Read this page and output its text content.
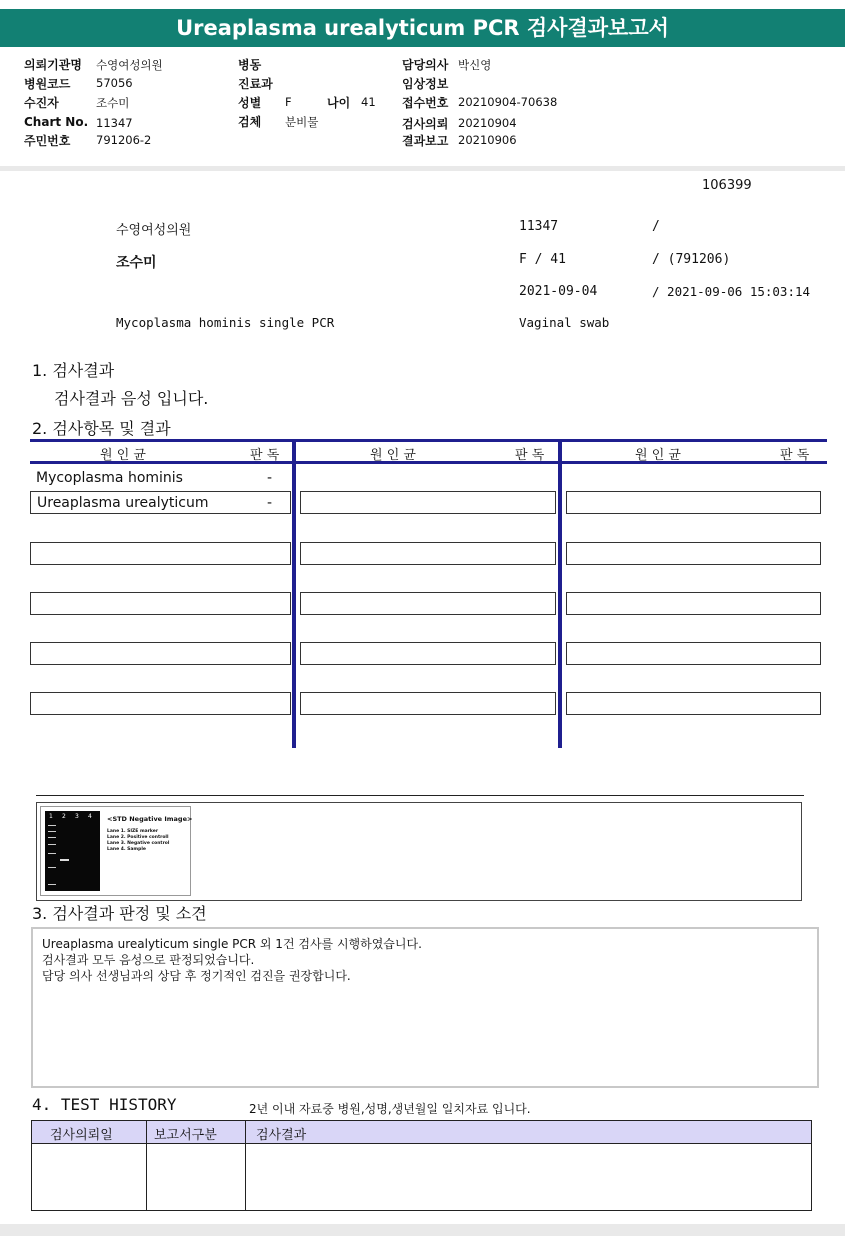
Ureaplasma urealyticum PCR 검사결과보고서
의뢰기관명 수영여성의원
병원코드 57056
수진자	조수미
Chart No. 11347
주민번호 791206-2
병동
진료과
성별 F	나이 41
검체 분비물
담당의사 박신영
임상정보
접수번호 20210904-70638
검사의뢰 20210904
결과보고 20210906
106399
수영여성의원	11347	/
조수미	F / 41	/ (791206)
2021-09-04	/ 2021-09-06 15:03:14
Mycoplasma hominis single PCR	Vaginal swab
1. 검사결과
검사결과 음성 입니다.
2. 검사항목 및 결과
원 인 균	판 독	원 인 균	판 독	원 인 균	판 독
Mycoplasma hominis	-
Ureaplasma urealyticum	-
1 2 3 4 <STD Negative Image>
Lane 1. SIZE marker
Lane 2. Positive controll
Lane 3. Negative control
Lane 4. Sample
3. 검사결과 판정 및 소견
Ureaplasma urealyticum single PCR 외 1건 검사를 시행하였습니다.
검사결과 모두 음성으로 판정되었습니다.
담당 의사 선생님과의 상담 후 정기적인 검진을 권장합니다.
4. TEST HISTORY	2년 이내 자료중 병원,성명,생년월일 일치자료 입니다.
검사의뢰일	보고서구분	검사결과
